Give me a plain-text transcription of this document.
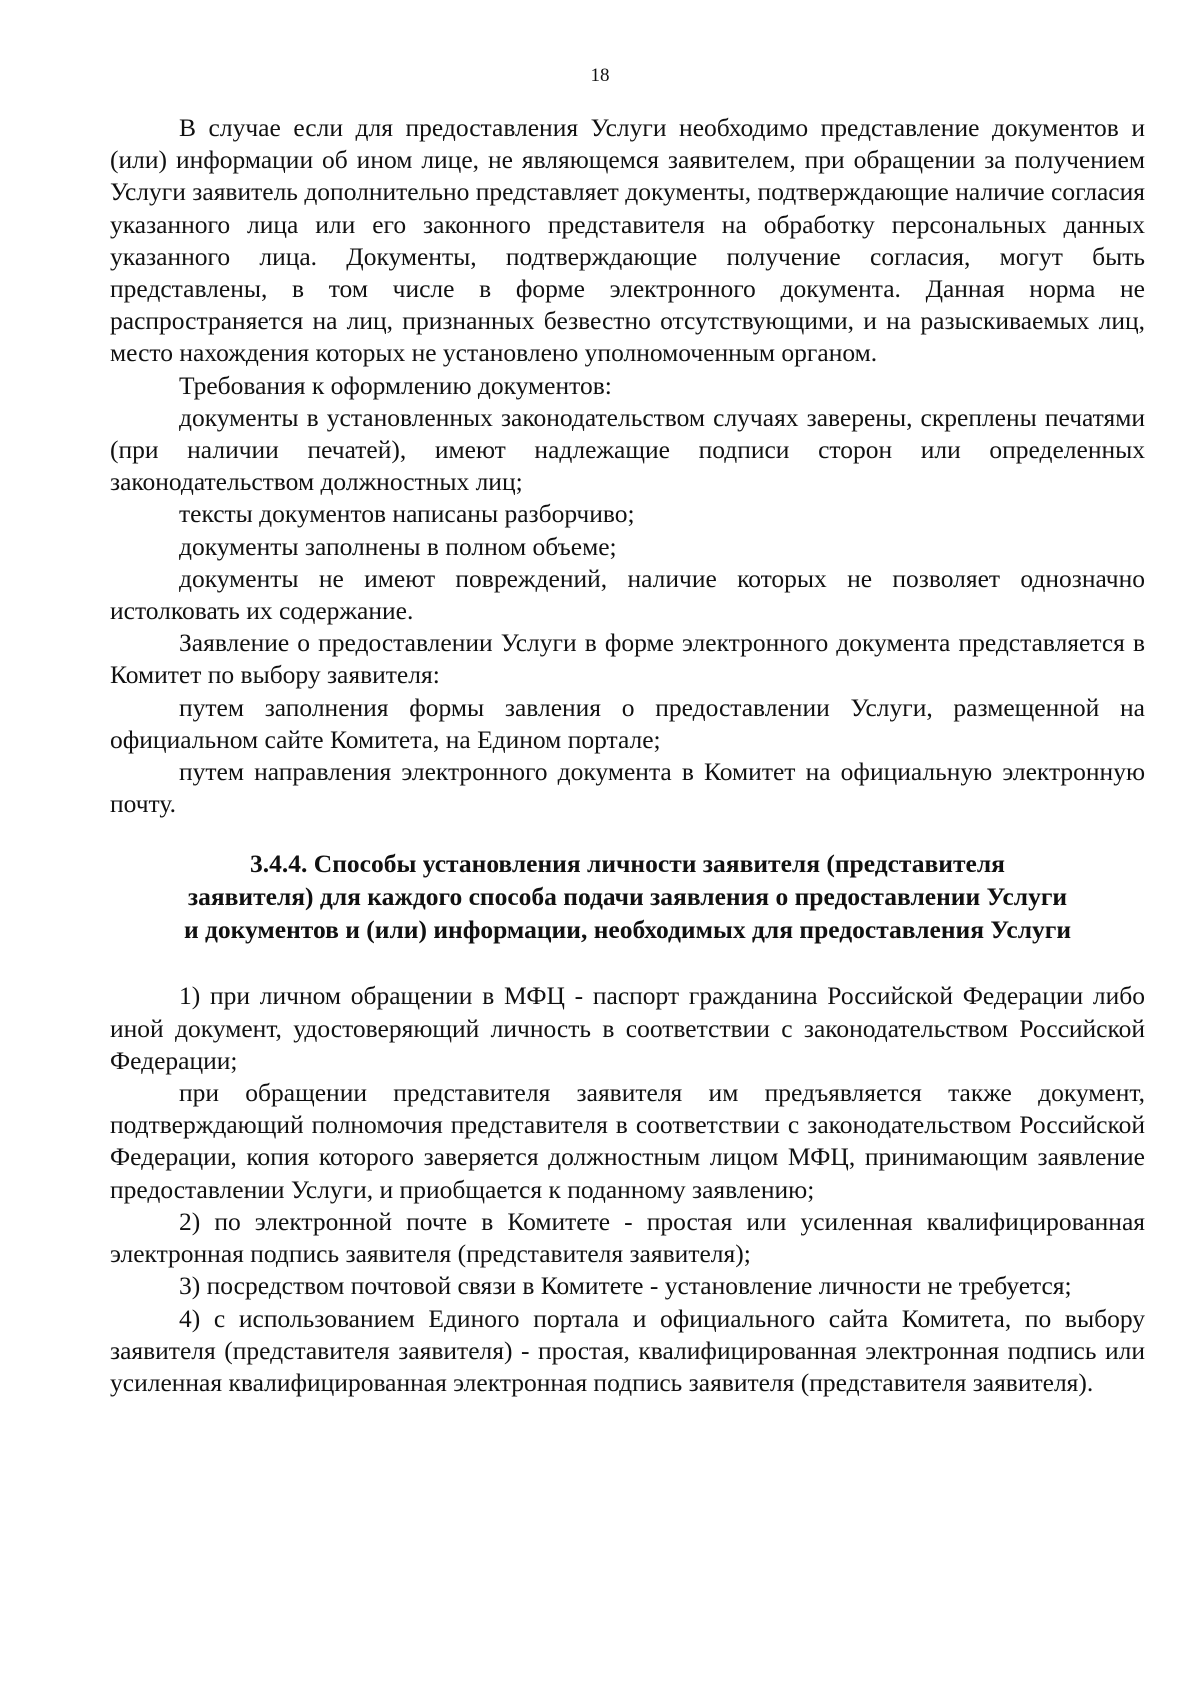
18

В случае если для предоставления Услуги необходимо представление документов и (или) информации об ином лице, не являющемся заявителем, при обращении за получением Услуги заявитель дополнительно представляет документы, подтверждающие наличие согласия указанного лица или его законного представителя на обработку персональных данных указанного лица. Документы, подтверждающие получение согласия, могут быть представлены, в том числе в форме электронного документа. Данная норма не распространяется на лиц, признанных безвестно отсутствующими, и на разыскиваемых лиц, место нахождения которых не установлено уполномоченным органом.

Требования к оформлению документов:

документы в установленных законодательством случаях заверены, скреплены печатями (при наличии печатей), имеют надлежащие подписи сторон или определенных законодательством должностных лиц;

тексты документов написаны разборчиво;

документы заполнены в полном объеме;

документы не имеют повреждений, наличие которых не позволяет однозначно истолковать их содержание.

Заявление о предоставлении Услуги в форме электронного документа представляется в Комитет по выбору заявителя:

путем заполнения формы завления о предоставлении Услуги, размещенной на официальном сайте Комитета, на Едином портале;

путем направления электронного документа в Комитет на официальную электронную почту.

3.4.4. Способы установления личности заявителя (представителя
заявителя) для каждого способа подачи заявления о предоставлении Услуги
и документов и (или) информации, необходимых для предоставления Услуги

1) при личном обращении в МФЦ - паспорт гражданина Российской Федерации либо иной документ, удостоверяющий личность в соответствии с законодательством Российской Федерации;

при обращении представителя заявителя им предъявляется также документ, подтверждающий полномочия представителя в соответствии с законодательством Российской Федерации, копия которого заверяется должностным лицом МФЦ, принимающим заявление предоставлении Услуги, и приобщается к поданному заявлению;

2) по электронной почте в Комитете - простая или усиленная квалифицированная электронная подпись заявителя (представителя заявителя);

3) посредством почтовой связи в Комитете - установление личности не требуется;

4) с использованием Единого портала и официального сайта Комитета, по выбору заявителя (представителя заявителя) - простая, квалифицированная электронная подпись или усиленная квалифицированная электронная подпись заявителя (представителя заявителя).
